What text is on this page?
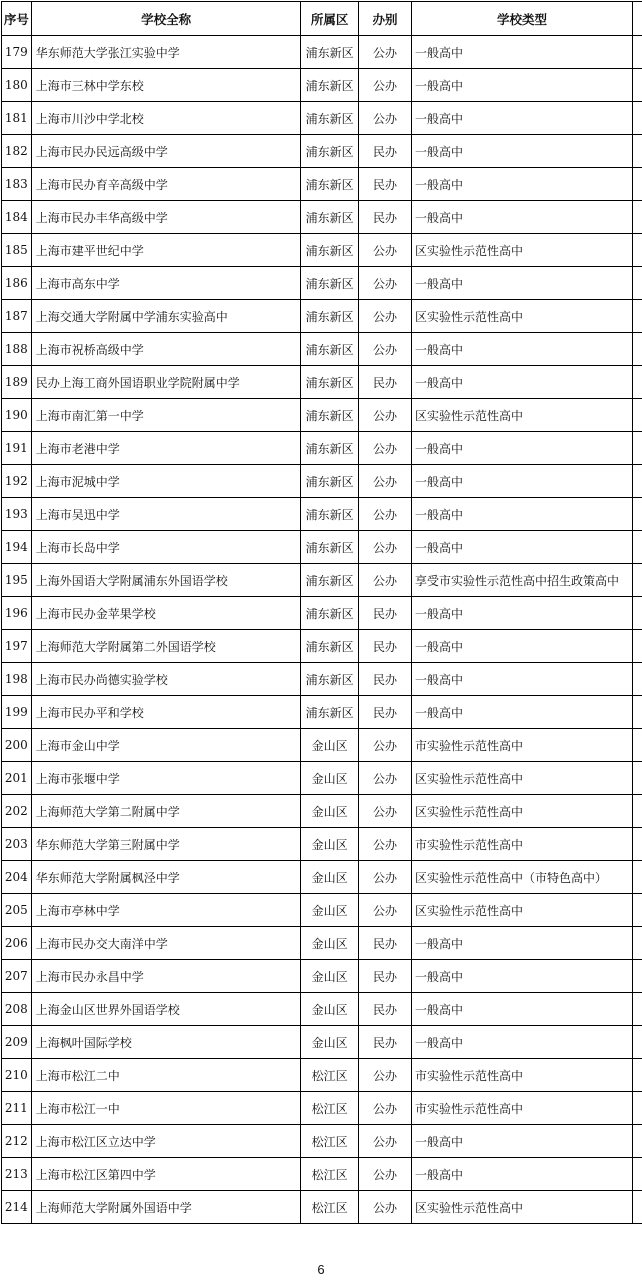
序号	学校全称	所属区	办别	学校类型	
179	华东师范大学张江实验中学	浦东新区	公办	一般高中	
180	上海市三林中学东校	浦东新区	公办	一般高中	
181	上海市川沙中学北校	浦东新区	公办	一般高中	
182	上海市民办民远高级中学	浦东新区	民办	一般高中	
183	上海市民办育辛高级中学	浦东新区	民办	一般高中	
184	上海市民办丰华高级中学	浦东新区	民办	一般高中	
185	上海市建平世纪中学	浦东新区	公办	区实验性示范性高中	
186	上海市高东中学	浦东新区	公办	一般高中	
187	上海交通大学附属中学浦东实验高中	浦东新区	公办	区实验性示范性高中	
188	上海市祝桥高级中学	浦东新区	公办	一般高中	
189	民办上海工商外国语职业学院附属中学	浦东新区	民办	一般高中	
190	上海市南汇第一中学	浦东新区	公办	区实验性示范性高中	
191	上海市老港中学	浦东新区	公办	一般高中	
192	上海市泥城中学	浦东新区	公办	一般高中	
193	上海市吴迅中学	浦东新区	公办	一般高中	
194	上海市长岛中学	浦东新区	公办	一般高中	
195	上海外国语大学附属浦东外国语学校	浦东新区	公办	享受市实验性示范性高中招生政策高中	
196	上海市民办金苹果学校	浦东新区	民办	一般高中	
197	上海师范大学附属第二外国语学校	浦东新区	民办	一般高中	
198	上海市民办尚德实验学校	浦东新区	民办	一般高中	
199	上海市民办平和学校	浦东新区	民办	一般高中	
200	上海市金山中学	金山区	公办	市实验性示范性高中	
201	上海市张堰中学	金山区	公办	区实验性示范性高中	
202	上海师范大学第二附属中学	金山区	公办	区实验性示范性高中	
203	华东师范大学第三附属中学	金山区	公办	市实验性示范性高中	
204	华东师范大学附属枫泾中学	金山区	公办	区实验性示范性高中（市特色高中）	
205	上海市亭林中学	金山区	公办	区实验性示范性高中	
206	上海市民办交大南洋中学	金山区	民办	一般高中	
207	上海市民办永昌中学	金山区	民办	一般高中	
208	上海金山区世界外国语学校	金山区	民办	一般高中	
209	上海枫叶国际学校	金山区	民办	一般高中	
210	上海市松江二中	松江区	公办	市实验性示范性高中	
211	上海市松江一中	松江区	公办	市实验性示范性高中	
212	上海市松江区立达中学	松江区	公办	一般高中	
213	上海市松江区第四中学	松江区	公办	一般高中	
214	上海师范大学附属外国语中学	松江区	公办	区实验性示范性高中	
6
